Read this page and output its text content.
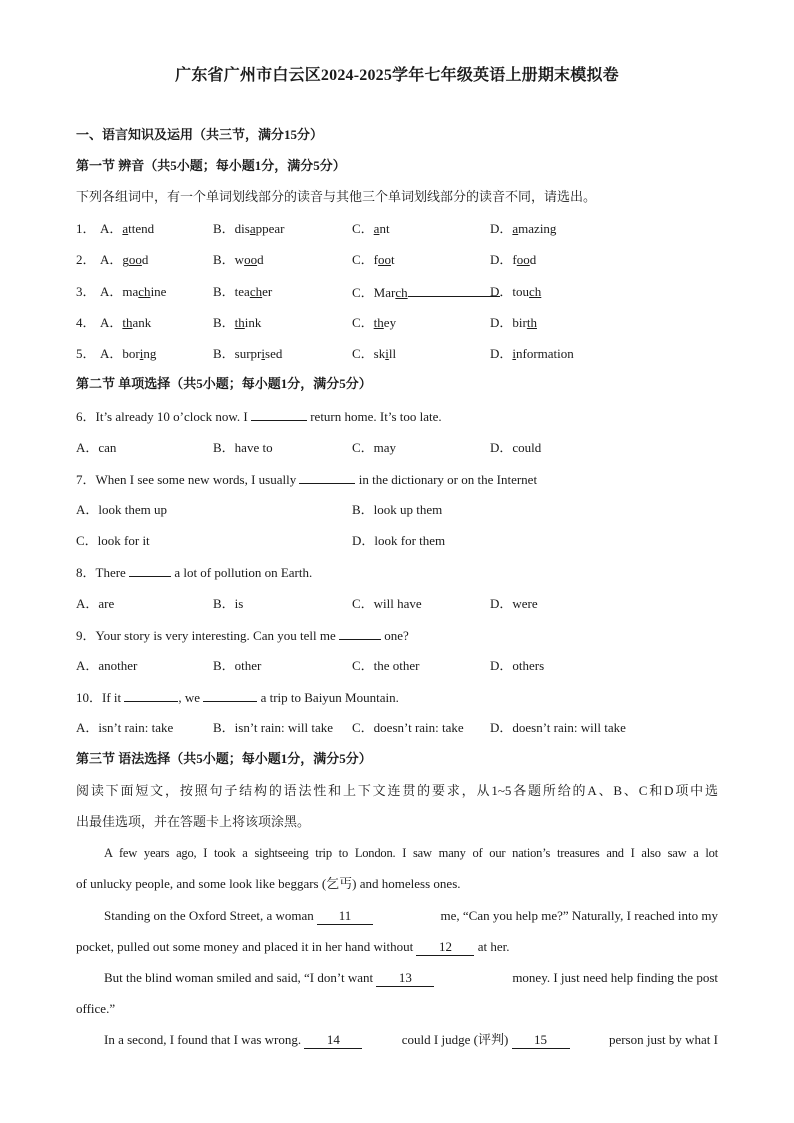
广东省广州市白云区2024-2025学年七年级英语上册期末模拟卷
一、语言知识及运用（共三节，满分15分）
第一节 辨音（共5小题；每小题1分，满分5分）
下列各组词中，有一个单词划线部分的读音与其他三个单词划线部分的读音不同，请选出。
1． A．attend	B．disappear	C．ant	D．amazing
2． A．good	B．wood	C．foot	D．food
3． A．machine	B．teacher	C．March	D．touch
4． A．thank	B．think	C．they	D．birth
5． A．boring	B．surprised	C．skill	D．information
第二节 单项选择（共5小题；每小题1分，满分5分）
6．It’s already 10 o’clock now. I	return home. It’s too late.
A．can	B．have to	C．may	D．could
7．When I see some new words, I usually	in the dictionary or on the Internet
A．look them up	B．look up them
C．look for it	D．look for them
8．There	a lot of pollution on Earth.
A．are	B．is	C．will have	D．were
9．Your story is very interesting. Can you tell me	one?
A．another	B．other	C．the other	D．others
10．If it	, we	a trip to Baiyun Mountain.
A．isn’t rain: take	B．isn’t rain: will take C．doesn’t rain: take D．doesn’t rain: will take
第三节 语法选择（共5小题；每小题1分，满分5分）
阅读下面短文，按照句子结构的语法性和上下文连贯的要求，从1~5各题所给的A、B、C和D项中选
出最佳选项，并在答题卡上将该项涂黑。
A few years ago, I took a sightseeing trip to London. I saw many of our nation’s treasures and I also saw a lot
of unlucky people, and some look like beggars (乞丐) and homeless ones.
Standing on the Oxford Street, a woman 11	me, “Can you help me?” Naturally, I reached into my
pocket, pulled out some money and placed it in her hand without 12 at her.
But the blind woman smiled and said, “I don’t want 13	money. I just need help finding the post
office.”
In a second, I found that I was wrong. 14	could I judge (评判) 15	person just by what I
